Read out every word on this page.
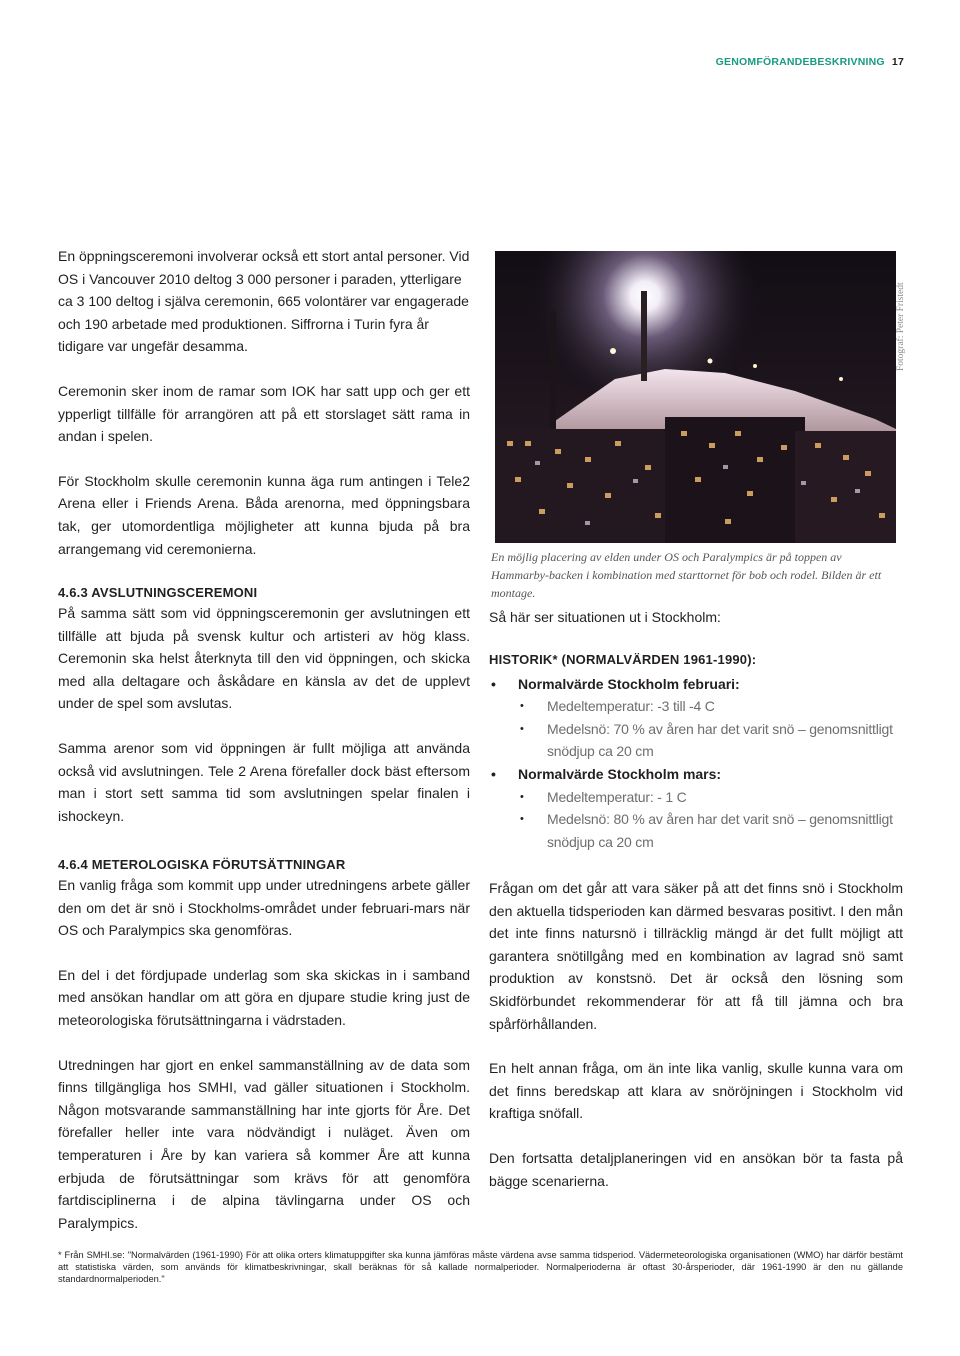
GENOMFÖRANDEBESKRIVNING 17

En öppningsceremoni involverar också ett stort antal personer. Vid OS i Vancouver 2010 deltog 3 000 personer i paraden, ytterligare ca 3 100 deltog i själva ceremonin, 665 volontärer var engagerade och 190 arbetade med produktionen. Siffrorna i Turin fyra år tidigare var ungefär desamma.

Ceremonin sker inom de ramar som IOK har satt upp och ger ett ypperligt tillfälle för arrangören att på ett storslaget sätt rama in andan i spelen.

För Stockholm skulle ceremonin kunna äga rum antingen i Tele2 Arena eller i Friends Arena. Båda arenorna, med öppningsbara tak, ger utomordentliga möjligheter att kunna bjuda på bra arrangemang vid ceremonierna.

4.6.3 AVSLUTNINGSCEREMONI

På samma sätt som vid öppningsceremonin ger avslutningen ett tillfälle att bjuda på svensk kultur och artisteri av hög klass. Ceremonin ska helst återknyta till den vid öppningen, och skicka med alla deltagare och åskådare en känsla av det de upplevt under de spel som avslutas.

Samma arenor som vid öppningen är fullt möjliga att använda också vid avslutningen. Tele 2 Arena förefaller dock bäst eftersom man i stort sett samma tid som avslutningen spelar finalen i ishockeyn.

4.6.4 METEROLOGISKA FÖRUTSÄTTNINGAR

En vanlig fråga som kommit upp under utredningens arbete gäller den om det är snö i Stockholms-området under februari-mars när OS och Paralympics ska genomföras.

En del i det fördjupade underlag som ska skickas in i samband med ansökan handlar om att göra en djupare studie kring just de meteorologiska förutsättningarna i vädrstaden.

Utredningen har gjort en enkel sammanställning av de data som finns tillgängliga hos SMHI, vad gäller situationen i Stockholm. Någon motsvarande sammanställning har inte gjorts för Åre. Det förefaller heller inte vara nödvändigt i nuläget. Även om temperaturen i Åre by kan variera så kommer Åre att kunna erbjuda de förutsättningar som krävs för att genomföra fartdisciplinerna i de alpina tävlingarna under OS och Paralympics.

Fotograf: Peter Fristedt
En möjlig placering av elden under OS och Paralympics är på toppen av Hammarby-backen i kombination med starttornet för bob och rodel. Bilden är ett montage.

Så här ser situationen ut i Stockholm:

HISTORIK* (NORMALVÄRDEN 1961-1990):
• Normalvärde Stockholm februari:
• Medeltemperatur: -3 till -4 C
• Medelsnö: 70 % av åren har det varit snö – genomsnittligt snödjup ca 20 cm
• Normalvärde Stockholm mars:
• Medeltemperatur: - 1 C
• Medelsnö: 80 % av åren har det varit snö – genomsnittligt snödjup ca 20 cm

Frågan om det går att vara säker på att det finns snö i Stockholm den aktuella tidsperioden kan därmed besvaras positivt. I den mån det inte finns natursnö i tillräcklig mängd är det fullt möjligt att garantera snötillgång med en kombination av lagrad snö samt produktion av konstsnö. Det är också den lösning som Skidförbundet rekommenderar för att få till jämna och bra spårförhållanden.

En helt annan fråga, om än inte lika vanlig, skulle kunna vara om det finns beredskap att klara av snöröjningen i Stockholm vid kraftiga snöfall.

Den fortsatta detaljplaneringen vid en ansökan bör ta fasta på bägge scenarierna.

* Från SMHI.se: "Normalvärden (1961-1990) För att olika orters klimatuppgifter ska kunna jämföras måste värdena avse samma tidsperiod. Vädermeteorologiska organisationen (WMO) har därför bestämt att statistiska värden, som används för klimatbeskrivningar, skall beräknas för så kallade normalperioder. Normalperioderna är oftast 30-årsperioder, där 1961-1990 är den nu gällande standardnormalperioden."
